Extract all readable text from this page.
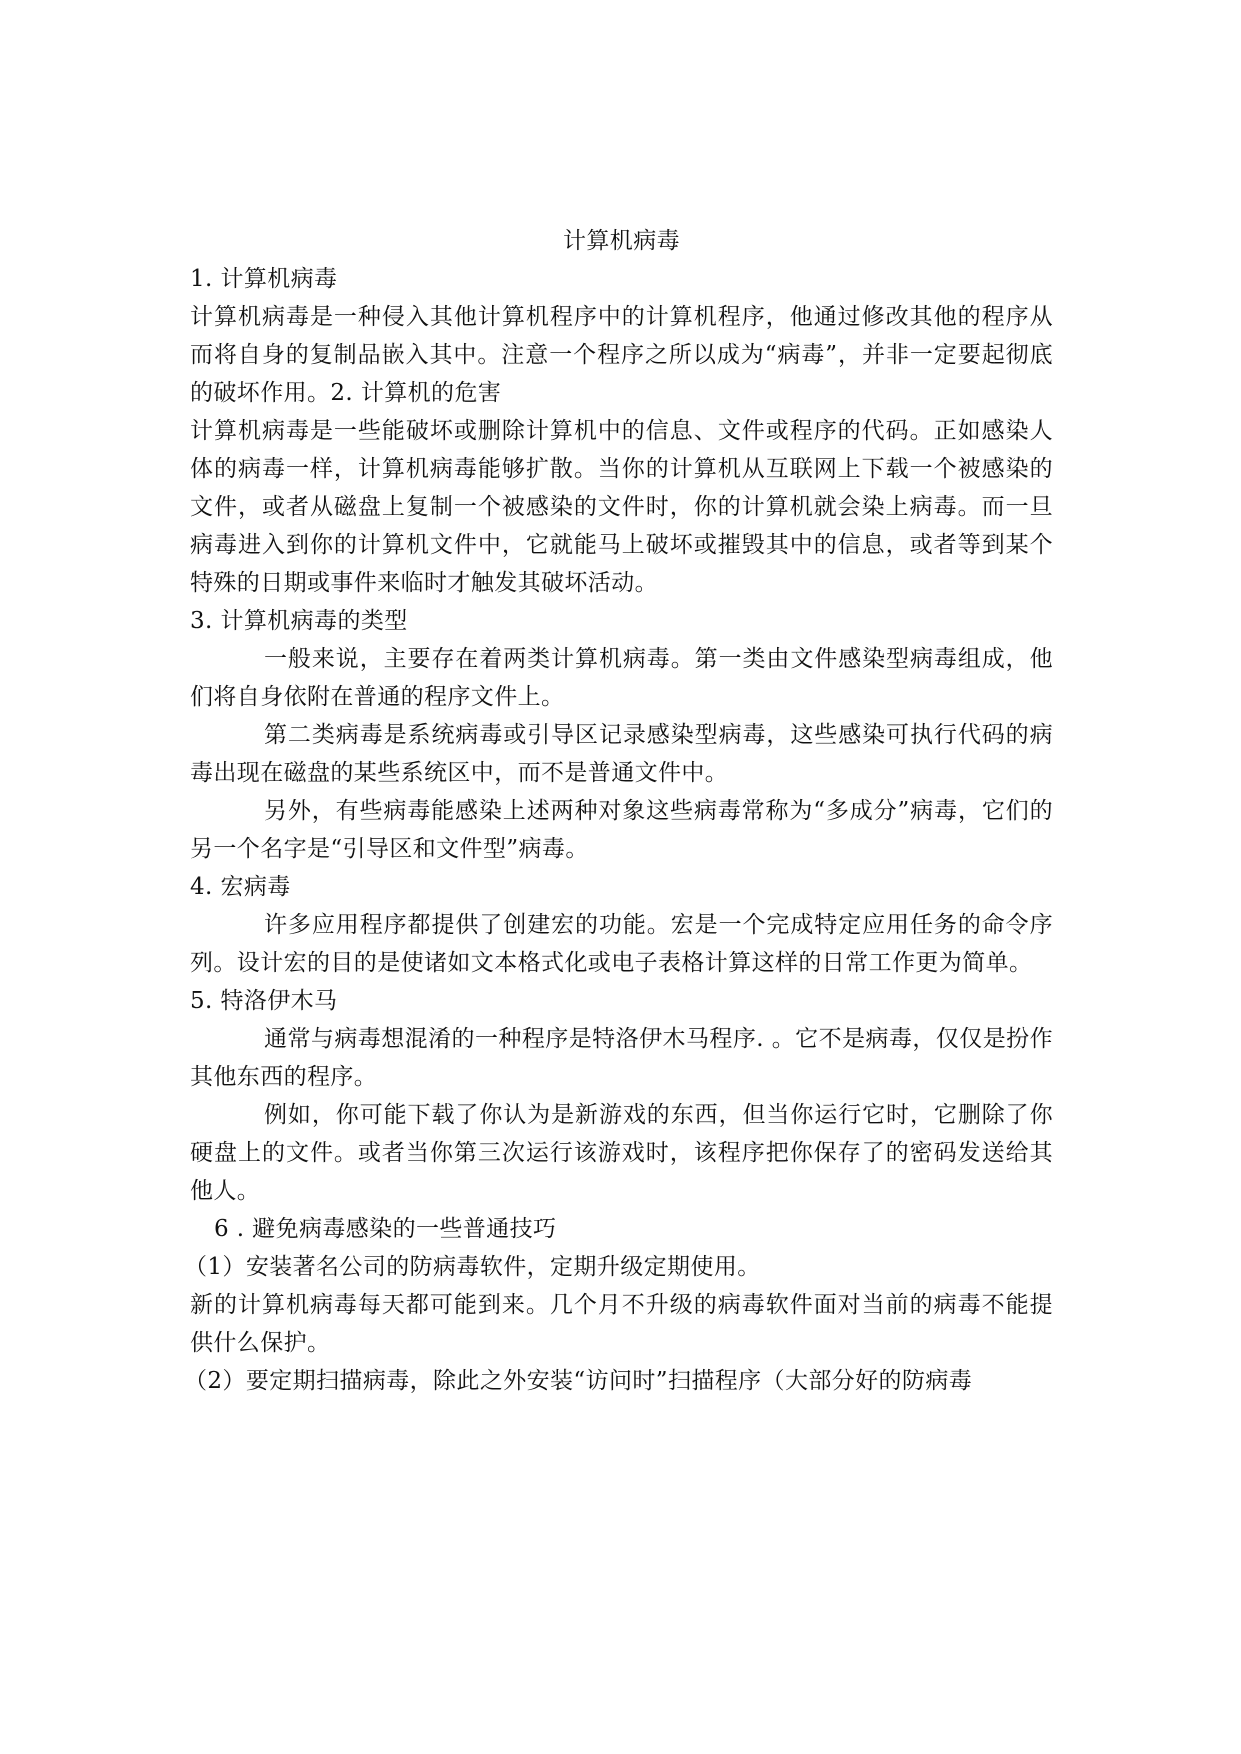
计算机病毒

1. 计算机病毒

计算机病毒是一种侵入其他计算机程序中的计算机程序，他通过修改其他的程序从而将自身的复制品嵌入其中。注意一个程序之所以成为“病毒”，并非一定要起彻底的破坏作用。2. 计算机的危害

计算机病毒是一些能破坏或删除计算机中的信息、文件或程序的代码。正如感染人体的病毒一样，计算机病毒能够扩散。当你的计算机从互联网上下载一个被感染的文件，或者从磁盘上复制一个被感染的文件时，你的计算机就会染上病毒。而一旦病毒进入到你的计算机文件中，它就能马上破坏或摧毁其中的信息，或者等到某个特殊的日期或事件来临时才触发其破坏活动。

3. 计算机病毒的类型

一般来说，主要存在着两类计算机病毒。第一类由文件感染型病毒组成，他们将自身依附在普通的程序文件上。

第二类病毒是系统病毒或引导区记录感染型病毒，这些感染可执行代码的病毒出现在磁盘的某些系统区中，而不是普通文件中。

另外，有些病毒能感染上述两种对象这些病毒常称为“多成分”病毒，它们的另一个名字是“引导区和文件型”病毒。

4. 宏病毒

许多应用程序都提供了创建宏的功能。宏是一个完成特定应用任务的命令序列。设计宏的目的是使诸如文本格式化或电子表格计算这样的日常工作更为简单。

5. 特洛伊木马

通常与病毒想混淆的一种程序是特洛伊木马程序. 。它不是病毒，仅仅是扮作其他东西的程序。

例如，你可能下载了你认为是新游戏的东西，但当你运行它时，它删除了你硬盘上的文件。或者当你第三次运行该游戏时，该程序把你保存了的密码发送给其他人。

6 . 避免病毒感染的一些普通技巧

（1）安装著名公司的防病毒软件，定期升级定期使用。

新的计算机病毒每天都可能到来。几个月不升级的病毒软件面对当前的病毒不能提供什么保护。

（2）要定期扫描病毒，除此之外安装“访问时”扫描程序（大部分好的防病毒
